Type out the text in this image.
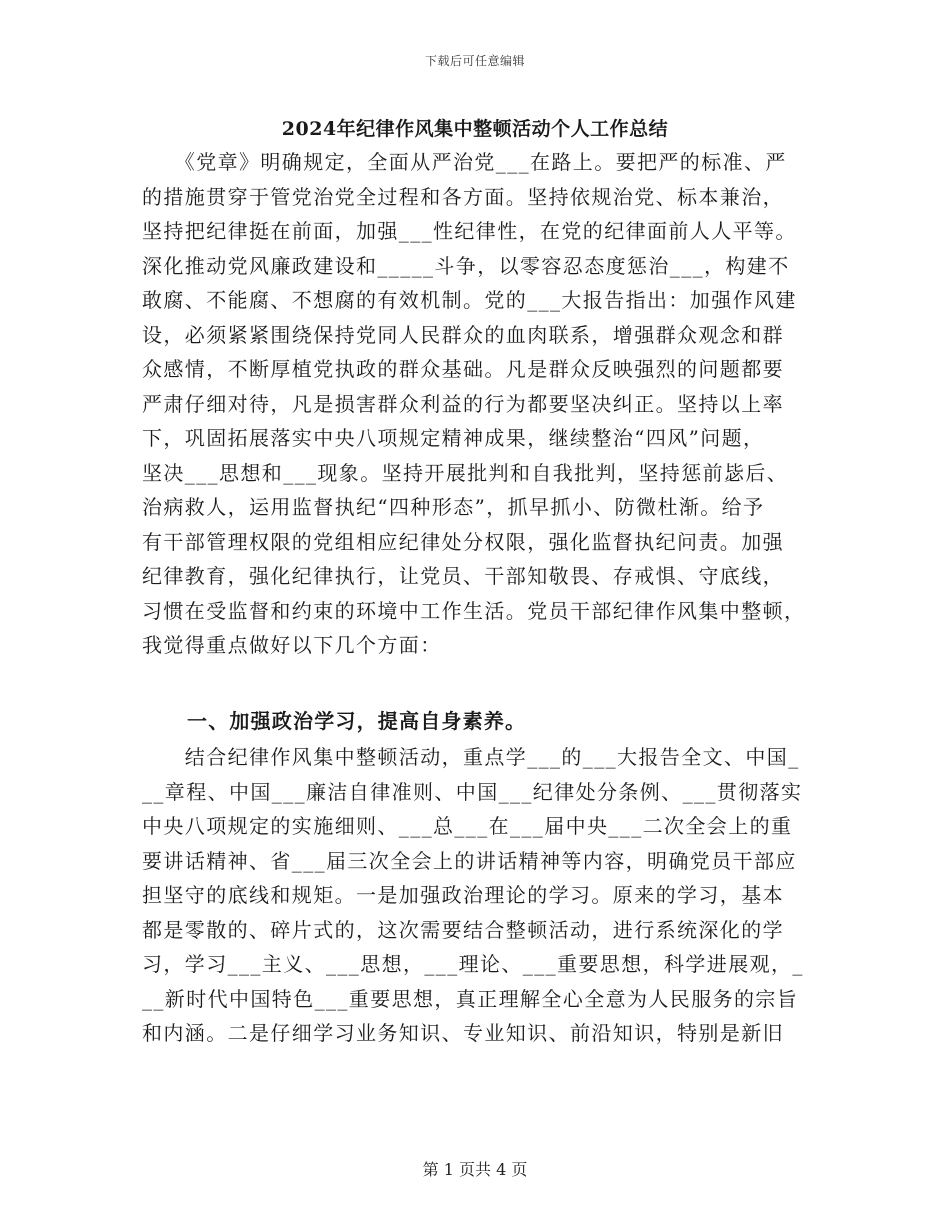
下载后可任意编辑
2024年纪律作风集中整顿活动个人工作总结
　　《党章》明确规定，全面从严治党___在路上。要把严的标准、严
的措施贯穿于管党治党全过程和各方面。坚持依规治党、标本兼治，
坚持把纪律挺在前面，加强___性纪律性，在党的纪律面前人人平等。
深化推动党风廉政建设和_____斗争，以零容忍态度惩治___，构建不
敢腐、不能腐、不想腐的有效机制。党的___大报告指出：加强作风建
设，必须紧紧围绕保持党同人民群众的血肉联系，增强群众观念和群
众感情，不断厚植党执政的群众基础。凡是群众反映强烈的问题都要
严肃仔细对待，凡是损害群众利益的行为都要坚决纠正。坚持以上率
下，巩固拓展落实中央八项规定精神成果，继续整治“四风”问题，
坚决___思想和___现象。坚持开展批判和自我批判，坚持惩前毖后、
治病救人，运用监督执纪“四种形态”，抓早抓小、防微杜渐。给予
有干部管理权限的党组相应纪律处分权限，强化监督执纪问责。加强
纪律教育，强化纪律执行，让党员、干部知敬畏、存戒惧、守底线，
习惯在受监督和约束的环境中工作生活。党员干部纪律作风集中整顿，
我觉得重点做好以下几个方面：
一、加强政治学习，提高自身素养。
　　结合纪律作风集中整顿活动，重点学___的___大报告全文、中国_
__章程、中国___廉洁自律准则、中国___纪律处分条例、___贯彻落实
中央八项规定的实施细则、___总___在___届中央___二次全会上的重
要讲话精神、省___届三次全会上的讲话精神等内容，明确党员干部应
担坚守的底线和规矩。一是加强政治理论的学习。原来的学习，基本
都是零散的、碎片式的，这次需要结合整顿活动，进行系统深化的学
习，学习___主义、___思想，___理论、___重要思想，科学进展观，_
__新时代中国特色___重要思想，真正理解全心全意为人民服务的宗旨
和内涵。二是仔细学习业务知识、专业知识、前沿知识，特别是新旧
第 1 页共 4 页
